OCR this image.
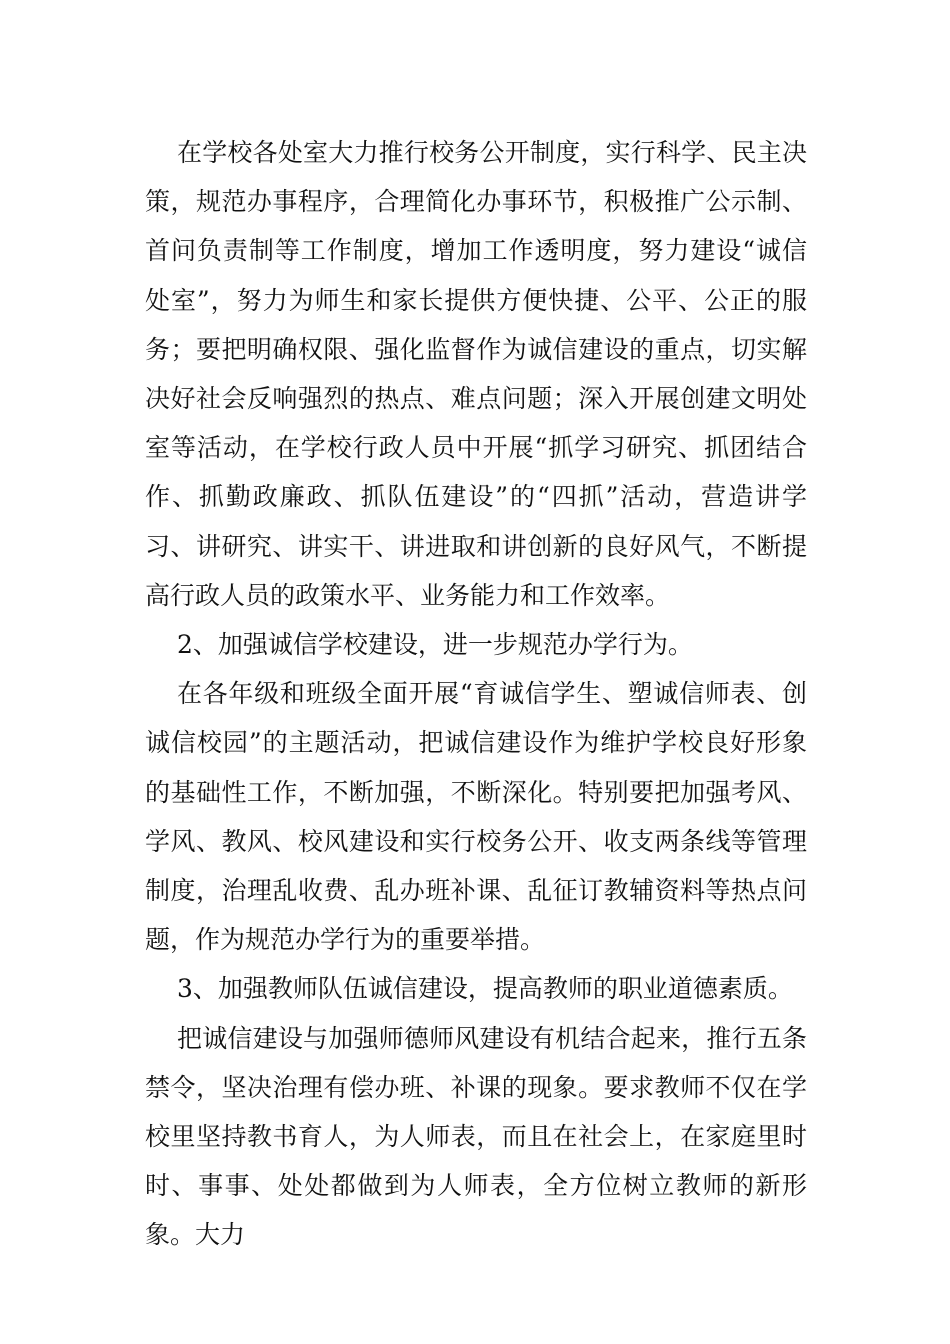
在学校各处室大力推行校务公开制度，实行科学、民主决策，规范办事程序，合理简化办事环节，积极推广公示制、首问负责制等工作制度，增加工作透明度，努力建设“诚信处室”，努力为师生和家长提供方便快捷、公平、公正的服务；要把明确权限、强化监督作为诚信建设的重点，切实解决好社会反响强烈的热点、难点问题；深入开展创建文明处室等活动，在学校行政人员中开展“抓学习研究、抓团结合作、抓勤政廉政、抓队伍建设”的“四抓”活动，营造讲学习、讲研究、讲实干、讲进取和讲创新的良好风气，不断提高行政人员的政策水平、业务能力和工作效率。

2、加强诚信学校建设，进一步规范办学行为。

在各年级和班级全面开展“育诚信学生、塑诚信师表、创诚信校园”的主题活动，把诚信建设作为维护学校良好形象的基础性工作，不断加强，不断深化。特别要把加强考风、学风、教风、校风建设和实行校务公开、收支两条线等管理制度，治理乱收费、乱办班补课、乱征订教辅资料等热点问题，作为规范办学行为的重要举措。

3、加强教师队伍诚信建设，提高教师的职业道德素质。

把诚信建设与加强师德师风建设有机结合起来，推行五条禁令，坚决治理有偿办班、补课的现象。要求教师不仅在学校里坚持教书育人，为人师表，而且在社会上，在家庭里时时、事事、处处都做到为人师表，全方位树立教师的新形象。大力
